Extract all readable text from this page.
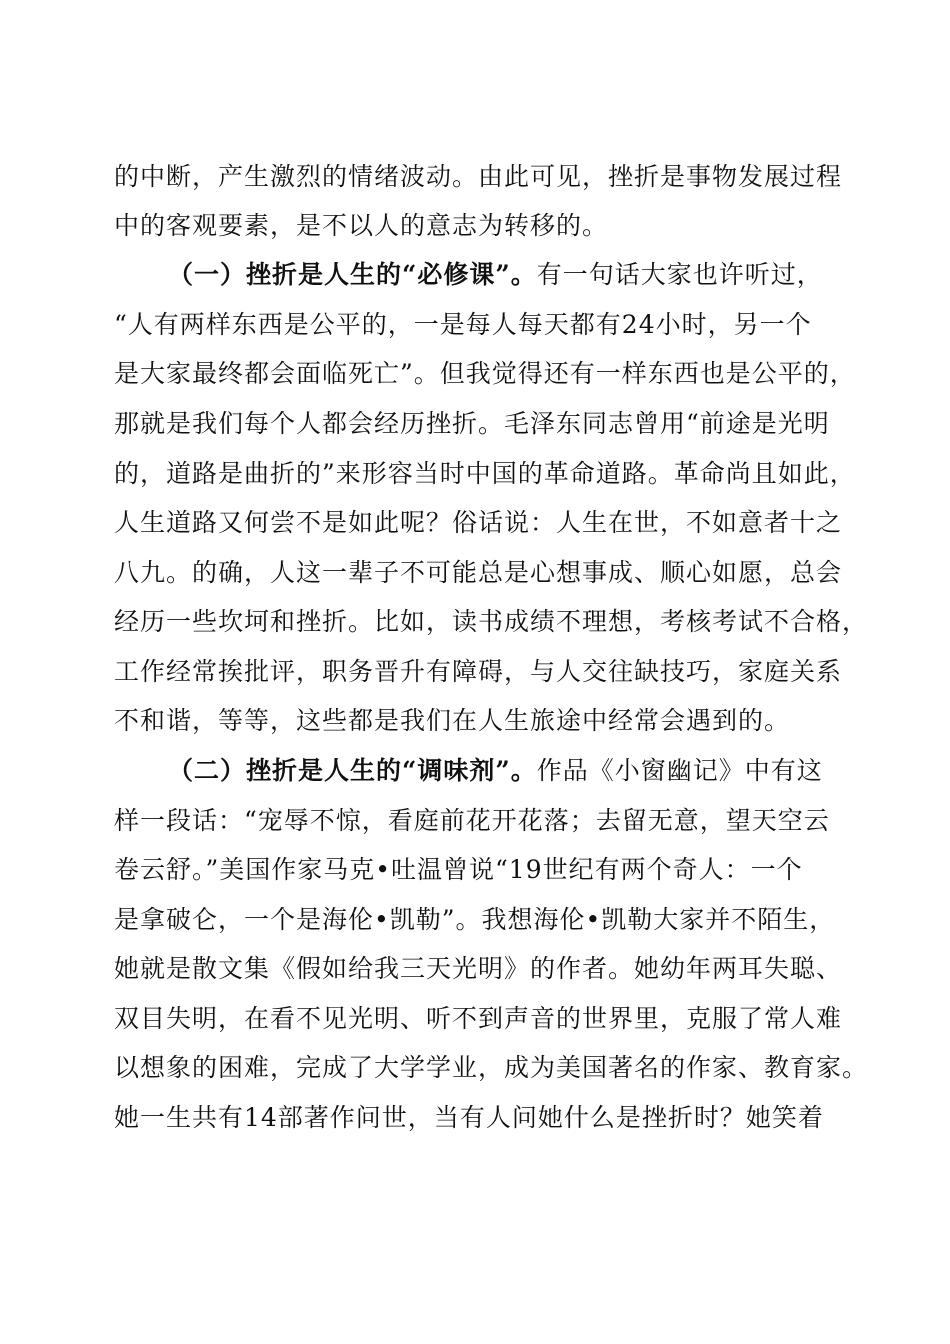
的中断，产生激烈的情绪波动。由此可见，挫折是事物发展过程
中的客观要素，是不以人的意志为转移的。
（一）挫折是人生的“必修课”。有一句话大家也许听过，
“人有两样东西是公平的，一是每人每天都有24小时，另一个
是大家最终都会面临死亡”。但我觉得还有一样东西也是公平的，
那就是我们每个人都会经历挫折。毛泽东同志曾用“前途是光明
的，道路是曲折的”来形容当时中国的革命道路。革命尚且如此，
人生道路又何尝不是如此呢？俗话说：人生在世，不如意者十之
八九。的确，人这一辈子不可能总是心想事成、顺心如愿，总会
经历一些坎坷和挫折。比如，读书成绩不理想，考核考试不合格，
工作经常挨批评，职务晋升有障碍，与人交往缺技巧，家庭关系
不和谐，等等，这些都是我们在人生旅途中经常会遇到的。
（二）挫折是人生的“调味剂”。作品《小窗幽记》中有这
样一段话：“宠辱不惊，看庭前花开花落；去留无意，望天空云
卷云舒。”美国作家马克•吐温曾说“19世纪有两个奇人：一个
是拿破仑，一个是海伦•凯勒”。我想海伦•凯勒大家并不陌生，
她就是散文集《假如给我三天光明》的作者。她幼年两耳失聪、
双目失明，在看不见光明、听不到声音的世界里，克服了常人难
以想象的困难，完成了大学学业，成为美国著名的作家、教育家。
她一生共有14部著作问世，当有人问她什么是挫折时？她笑着
